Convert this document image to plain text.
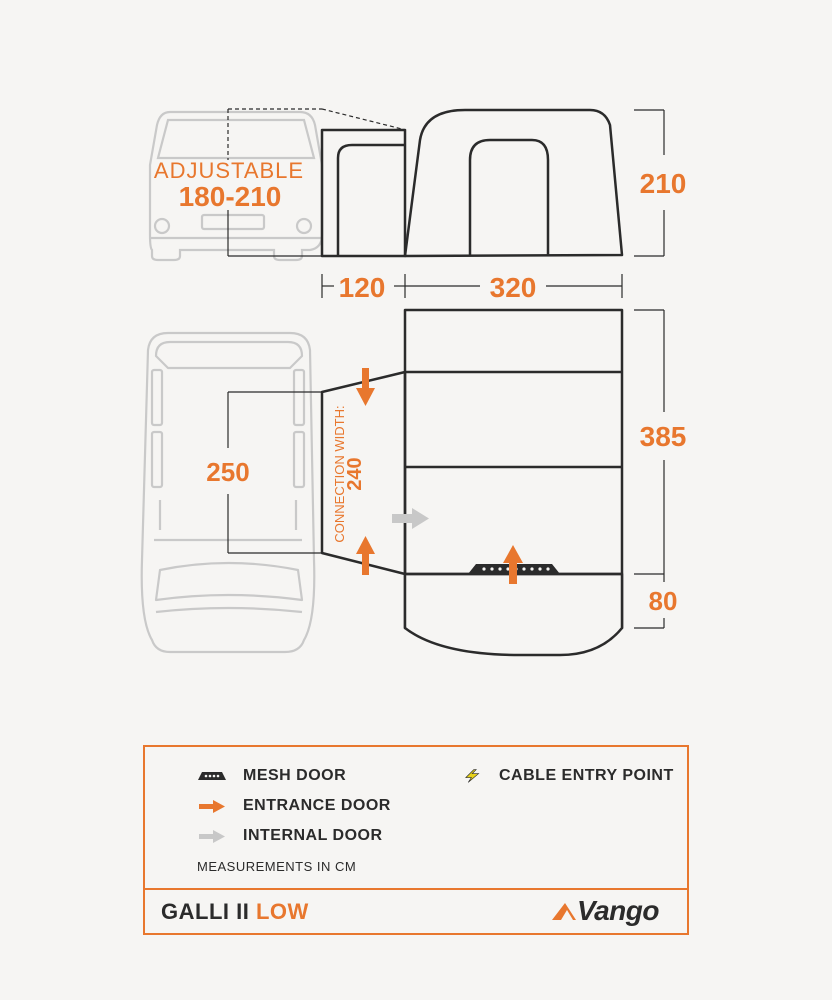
ADJUSTABLE
180-210	210
120	320
CONNECTION WIDTH:
240
250
385
80
MESH DOOR
ENTRANCE DOOR
INTERNAL DOOR
CABLE ENTRY POINT
MEASUREMENTS IN CM
GALLI II LOW	Vango
